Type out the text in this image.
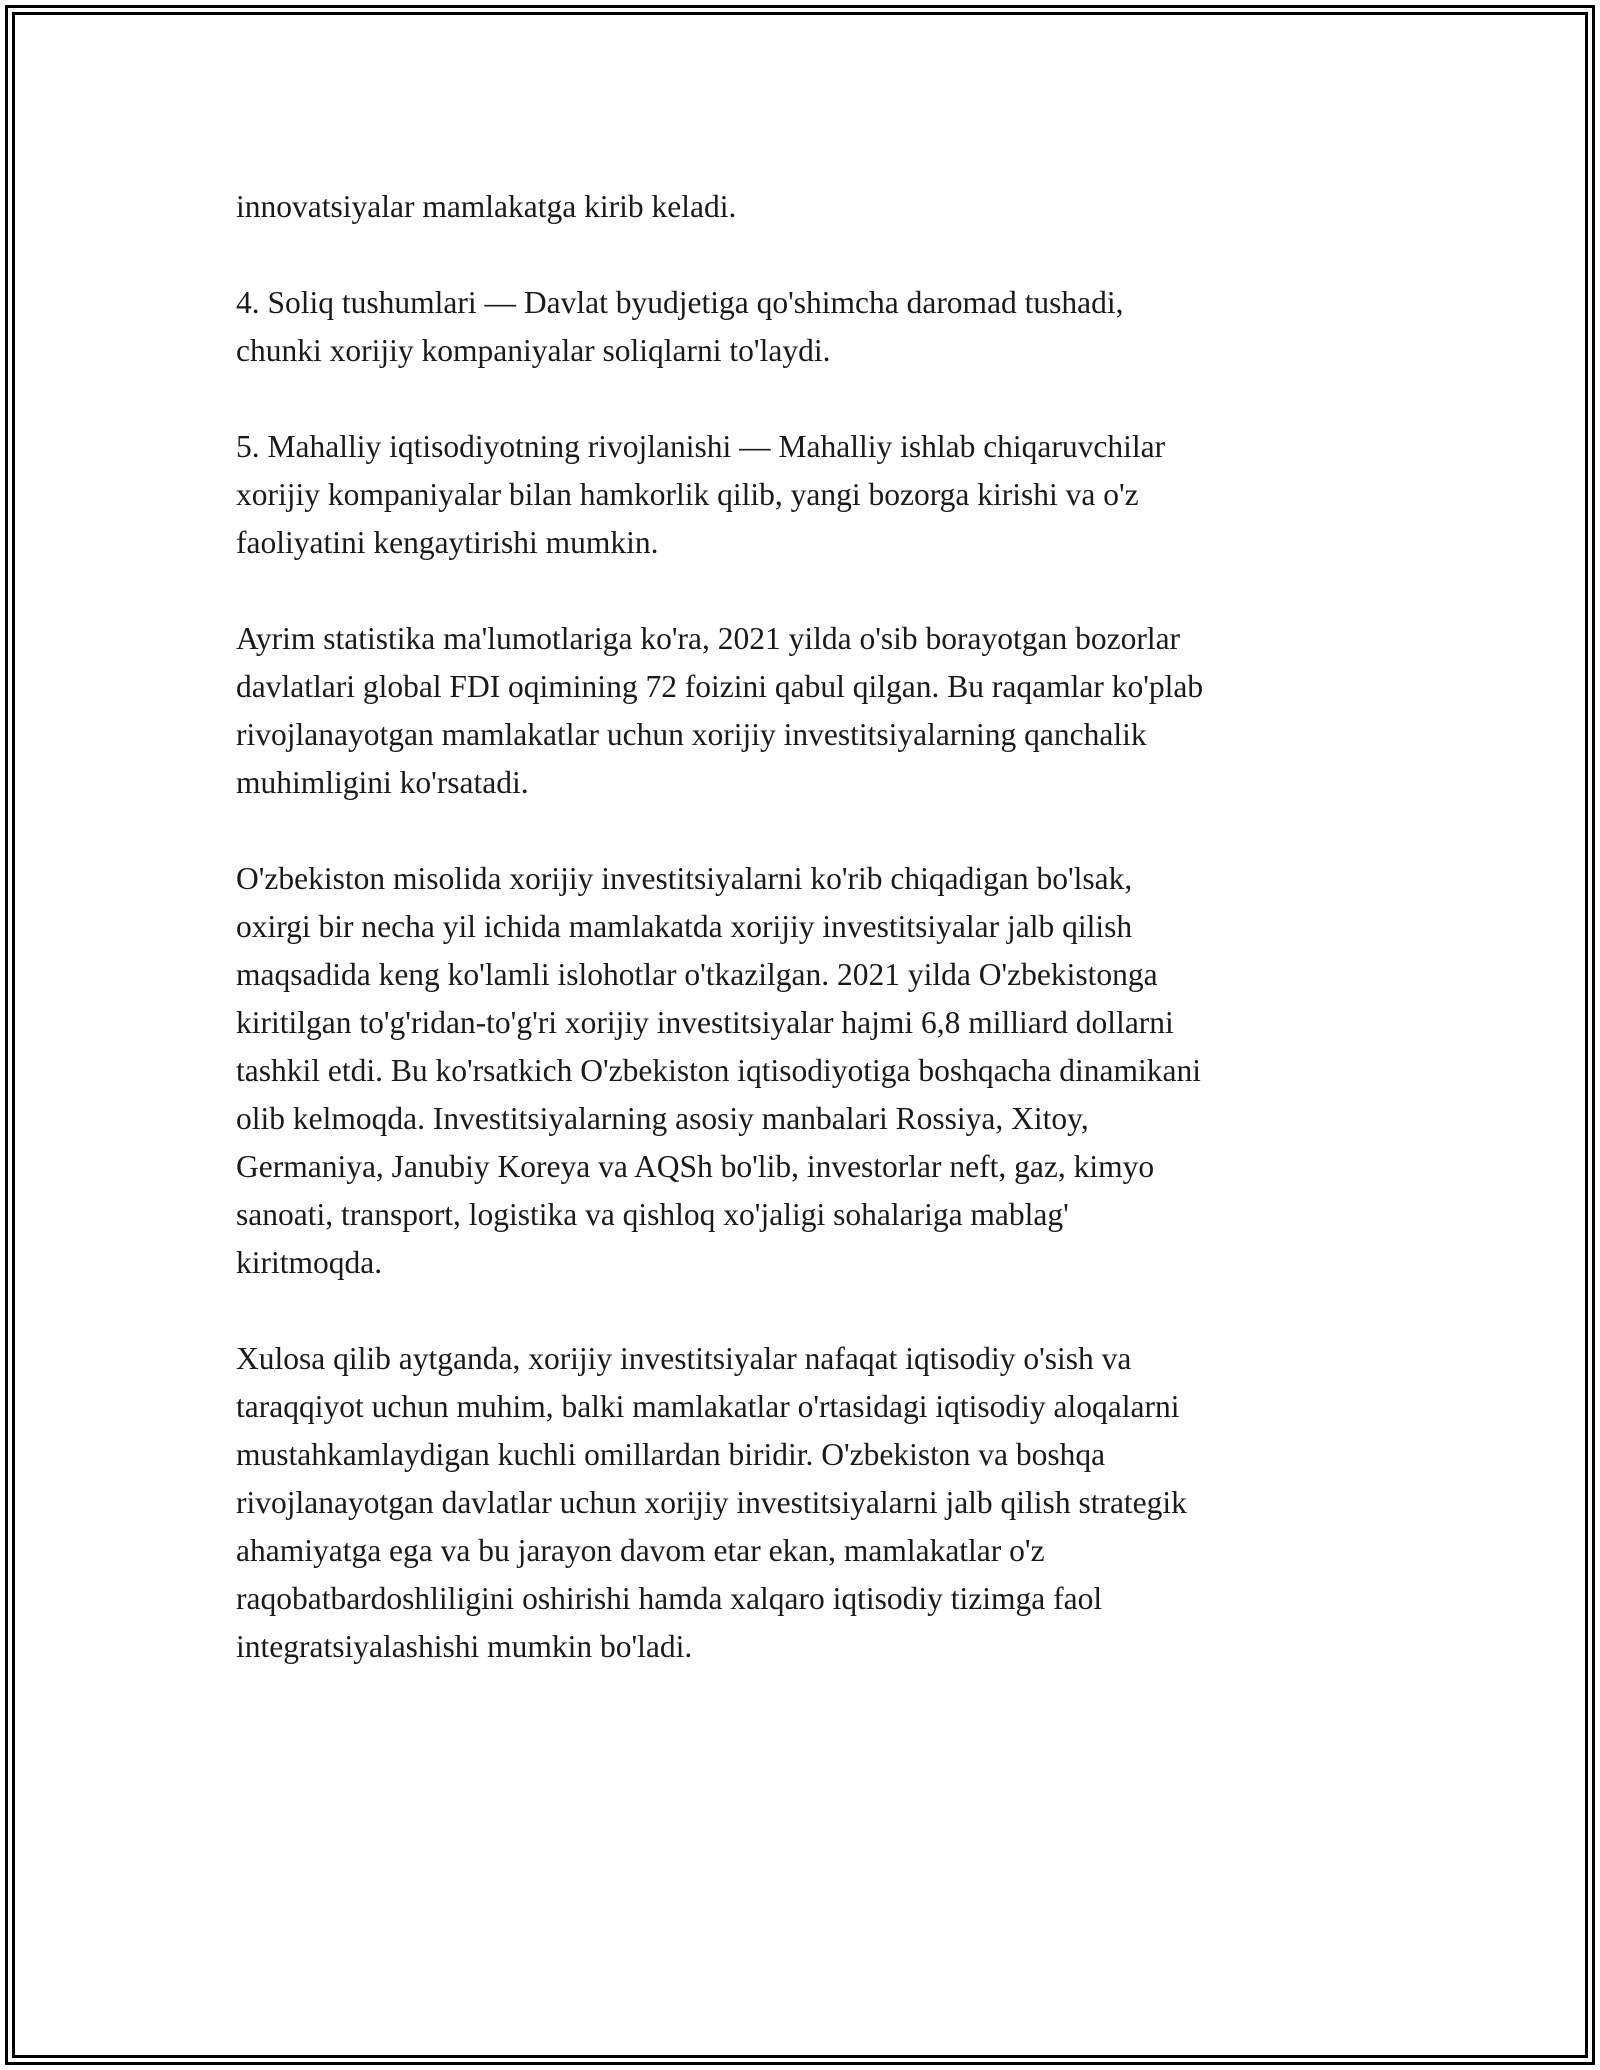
innovatsiyalar mamlakatga kirib keladi.

4. Soliq tushumlari — Davlat byudjetiga qo'shimcha daromad tushadi,
chunki xorijiy kompaniyalar soliqlarni to'laydi.

5. Mahalliy iqtisodiyotning rivojlanishi — Mahalliy ishlab chiqaruvchilar
xorijiy kompaniyalar bilan hamkorlik qilib, yangi bozorga kirishi va o'z
faoliyatini kengaytirishi mumkin.

Ayrim statistika ma'lumotlariga ko'ra, 2021 yilda o'sib borayotgan bozorlar
davlatlari global FDI oqimining 72 foizini qabul qilgan. Bu raqamlar ko'plab
rivojlanayotgan mamlakatlar uchun xorijiy investitsiyalarning qanchalik
muhimligini ko'rsatadi.

O'zbekiston misolida xorijiy investitsiyalarni ko'rib chiqadigan bo'lsak,
oxirgi bir necha yil ichida mamlakatda xorijiy investitsiyalar jalb qilish
maqsadida keng ko'lamli islohotlar o'tkazilgan. 2021 yilda O'zbekistonga
kiritilgan to'g'ridan-to'g'ri xorijiy investitsiyalar hajmi 6,8 milliard dollarni
tashkil etdi. Bu ko'rsatkich O'zbekiston iqtisodiyotiga boshqacha dinamikani
olib kelmoqda. Investitsiyalarning asosiy manbalari Rossiya, Xitoy,
Germaniya, Janubiy Koreya va AQSh bo'lib, investorlar neft, gaz, kimyo
sanoati, transport, logistika va qishloq xo'jaligi sohalariga mablag'
kiritmoqda.

Xulosa qilib aytganda, xorijiy investitsiyalar nafaqat iqtisodiy o'sish va
taraqqiyot uchun muhim, balki mamlakatlar o'rtasidagi iqtisodiy aloqalarni
mustahkamlaydigan kuchli omillardan biridir. O'zbekiston va boshqa
rivojlanayotgan davlatlar uchun xorijiy investitsiyalarni jalb qilish strategik
ahamiyatga ega va bu jarayon davom etar ekan, mamlakatlar o'z
raqobatbardoshliligini oshirishi hamda xalqaro iqtisodiy tizimga faol
integratsiyalashishi mumkin bo'ladi.
